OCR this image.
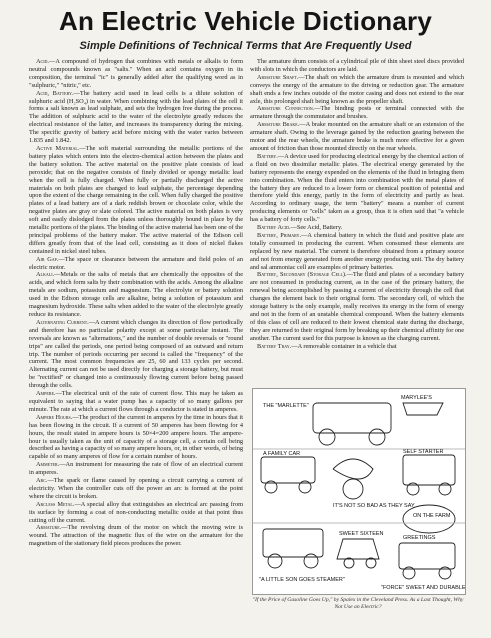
An Electric Vehicle Dictionary
Simple Definitions of Technical Terms that Are Frequently Used

Acid.—A compound of hydrogen that combines with metals or alkalis to form neutral compounds known as "salts." When an acid contains oxygen in its composition, the terminal "ic" is generally added after the qualifying word as in "sulphuric," "nitric," etc.

Acid, Battery.—The battery acid used in lead cells is a dilute solution of sulphuric acid (H₂SO₄) in water. When combining with the lead plates of the cell it forms a salt known as lead sulphate, and sets the hydrogen free during the process. The addition of sulphuric acid to the water of the electrolyte greatly reduces the electrical resistance of the latter, and increases its transparency during the mixing. The specific gravity of battery acid before mixing with the water varies between 1.835 and 1.842.

Active Material.—The soft material surrounding the metallic portions of the battery plates which enters into the electro-chemical action between the plates and the battery solution. The active material on the positive plate consists of lead peroxide; that on the negative consists of finely divided or spongy metallic lead when the cell is fully charged. When fully or partially discharged the active materials on both plates are changed to lead sulphate, the percentage depending upon the extent of the charge remaining in the cell. When fully charged the positive plates of a lead battery are of a dark reddish brown or chocolate color, while the negative plates are gray or slate colored. The active material on both plates is very soft and easily dislodged from the plates unless thoroughly bound in place by the metallic portions of the plates. The binding of the active material has been one of the principal problems of the battery maker. The active material of the Edison cell differs greatly from that of the lead cell, consisting as it does of nickel flakes contained in nickel steel tubes.

Air Gap.—The space or clearance between the armature and field poles of an electric motor.

Alkali.—Metals or the salts of metals that are chemically the opposites of the acids, and which form salts by their combination with the acids. Among the alkaline metals are sodium, potassium and magnesium. The electrolyte or battery solution used in the Edison storage cells are alkaline, being a solution of potassium and magnesium hydroxide. These salts when added to the water of the electrolyte greatly reduce its resistance.

Alternating Current.—A current which changes its direction of flow periodically and therefore has no particular polarity except at some particular instant. The reversals are known as "alternations," and the number of double reversals or "round trips" are called the periods, one period being composed of an outward and return trip. The number of periods occurring per second is called the "frequency" of the current. The most common frequencies are 25, 60 and 133 cycles per second. Alternating current can not be used directly for charging a storage battery, but must be "rectified" or changed into a continuously flowing current before being passed through the cells.

Ampere.—The electrical unit of the rate of current flow. This may be taken as equivalent to saying that a water pump has a capacity of so many gallons per minute. The rate at which a current flows through a conductor is stated in amperes.

Ampere Hours.—The product of the current in amperes by the time in hours that it has been flowing in the circuit. If a current of 50 amperes has been flowing for 4 hours, the result stated in ampere hours is 50×4=200 ampere hours. The ampere-hour is usually taken as the unit of capacity of a storage cell, a certain cell being described as having a capacity of so many ampere hours, or, in other words, of being capable of so many amperes of flow for a certain number of hours.

Ammeter.—An instrument for measuring the rate of flow of an electrical current in amperes.

Arc.—The spark or flame caused by opening a circuit carrying a current of electricity. When the controller cuts off the power an arc is formed at the point where the circuit is broken.

Arcless Metal.—A special alloy that extinguishes an electrical arc passing from its surface by forming a coat of non-conducting metallic oxide at that point thus cutting off the current.

Armature.—The revolving drum of the motor on which the moving wire is wound. The attraction of the magnetic flux of the wire on the armature for the magnetism of the stationary field pieces produces the power.

The armature drum consists of a cylindrical pile of thin sheet steel discs provided with slots in which the conductors are laid.

Armature Shaft.—The shaft on which the armature drum is mounted and which conveys the energy of the armature to the driving or reduction gear. The armature shaft ends a few inches outside of the motor casing and does not extend to the rear axle, this prolonged shaft being known as the propeller shaft.

Armature Connection.—The binding posts or terminal connected with the armature through the commutator and brushes.

Armature Brake.—A brake mounted on the armature shaft or an extension of the armature shaft. Owing to the leverage gained by the reduction gearing between the motor and the rear wheels, the armature brake is much more effective for a given amount of friction than those mounted directly on the rear wheels.

Battery.—A device used for producing electrical energy by the chemical action of a fluid on two dissimilar metallic plates. The electrical energy generated by the battery represents the energy expended on the elements of the fluid in bringing them into combination. When the fluid enters into combination with the metal plates of the battery they are reduced to a lower form or chemical position of potential and therefore yield this energy, partly in the form of electricity and partly as heat. According to ordinary usage, the term "battery" means a number of current producing elements or "cells" taken as a group, thus it is often said that "a vehicle has a battery of forty cells."

Battery Acid.—See Acid, Battery.

Battery, Primary.—A chemical battery in which the fluid and positive plate are totally consumed in producing the current. When consumed these elements are replaced by new material. The current is therefore obtained from a primary source and not from energy generated from another energy producing unit. The dry battery and sal ammoniac cell are examples of primary batteries.

Battery, Secondary (Storage Cell).—The fluid and plates of a secondary battery are not consumed in producing current, as in the case of the primary battery, the renewal being accomplished by passing a current of electricity through the cell that changes the element back to their original form. The secondary cell, of which the storage battery is the only example, really receives its energy in the form of energy and not in the form of an unstable chemical compound. When the battery elements of this class of cell are reduced to their lowest chemical state during the discharge, they are returned to their original form by breaking up their chemical affinity for one another. The current used for this purpose is known as the charging current.

Battery Tray.—A removable container in a vehicle that

MARYLEE'S
THE "MARLETTE"
A FAMILY CAR	SELF STARTER
IT'S NOT SO BAD AS THEY SAY
"A LITTLE SON GOES STEAMER"
SWEET SIXTEEN
ON THE FARM
GREETINGS
"FORCE" SWEET AND DURABLE
"If the Price of Gasoline Goes Up," by Spalex in the Cleveland Press. As a Last Thought, Why Not Use an Electric?
